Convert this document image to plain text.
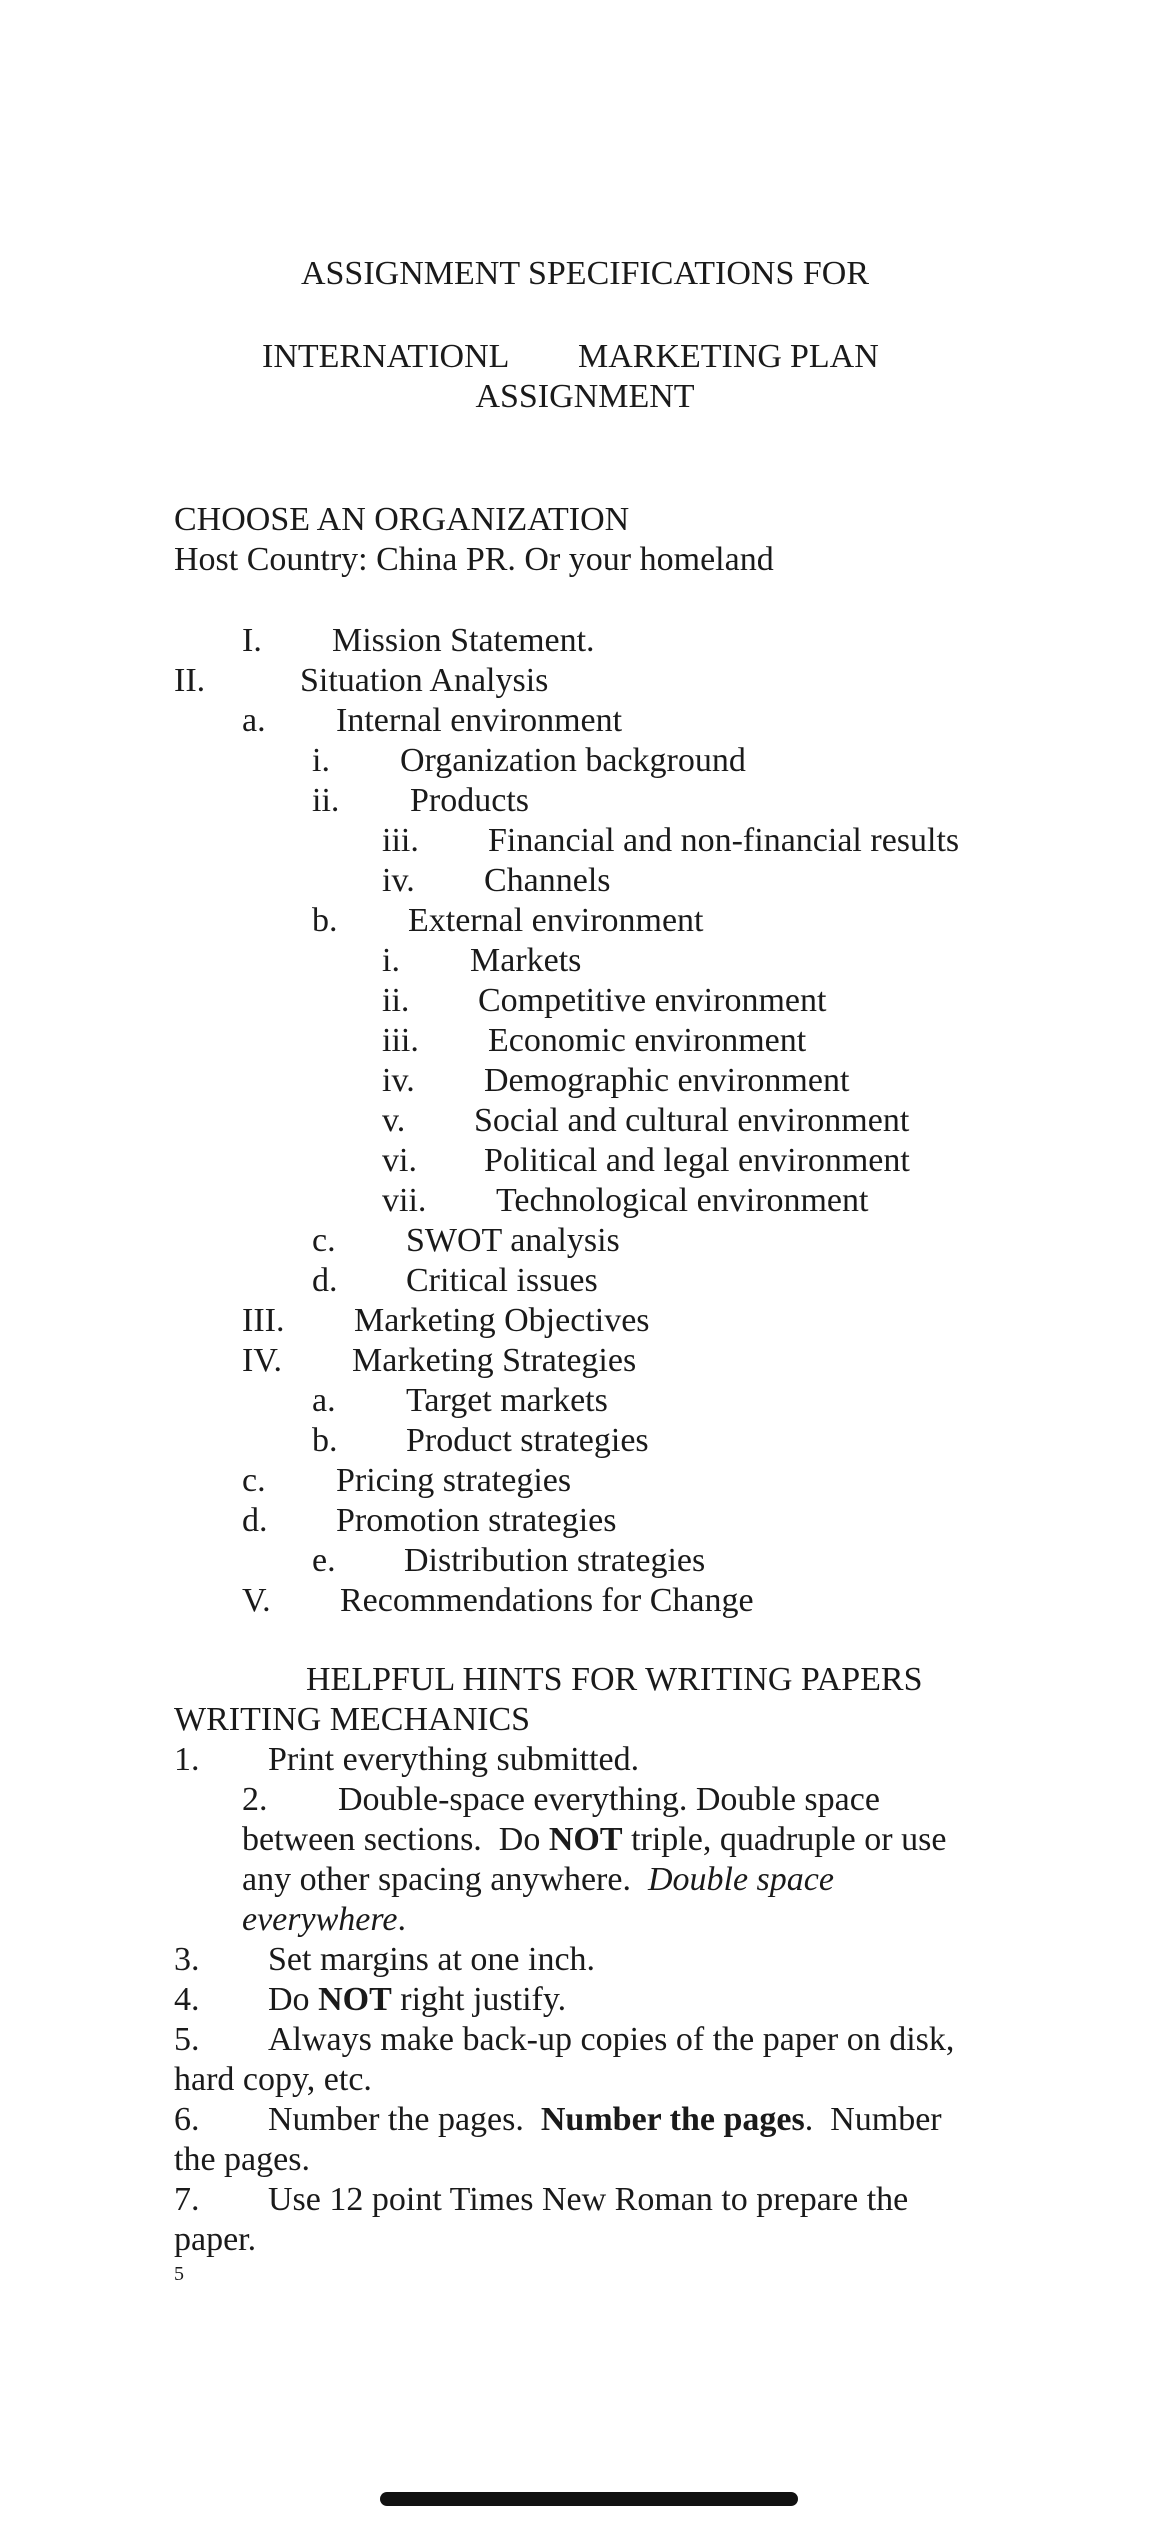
ASSIGNMENT SPECIFICATIONS FOR
INTERNATIONL MARKETING PLAN
ASSIGNMENT
CHOOSE AN ORGANIZATION
Host Country: China PR. Or your homeland
I. Mission Statement.
II.	Situation Analysis
a. Internal environment
i. Organization background
ii. Products
iii. Financial and non-financial results
iv. Channels
b. External environment
i. Markets
ii. Competitive environment
iii. Economic environment
iv. Demographic environment
v. Social and cultural environment
vi. Political and legal environment
vii. Technological environment
c. SWOT analysis
d. Critical issues
III. Marketing Objectives
IV. Marketing Strategies
a. Target markets
b. Product strategies
c. Pricing strategies
d. Promotion strategies
e. Distribution strategies
V. Recommendations for Change
HELPFUL HINTS FOR WRITING PAPERS
WRITING MECHANICS
1. Print everything submitted.
2. Double-space everything. Double space
between sections.  Do NOT triple, quadruple or use
any other spacing anywhere.  Double space
everywhere.
3. Set margins at one inch.
4. Do NOT right justify.
5. Always make back-up copies of the paper on disk,
hard copy, etc.
6. Number the pages.  Number the pages.  Number
the pages.
7. Use 12 point Times New Roman to prepare the
paper.
5
